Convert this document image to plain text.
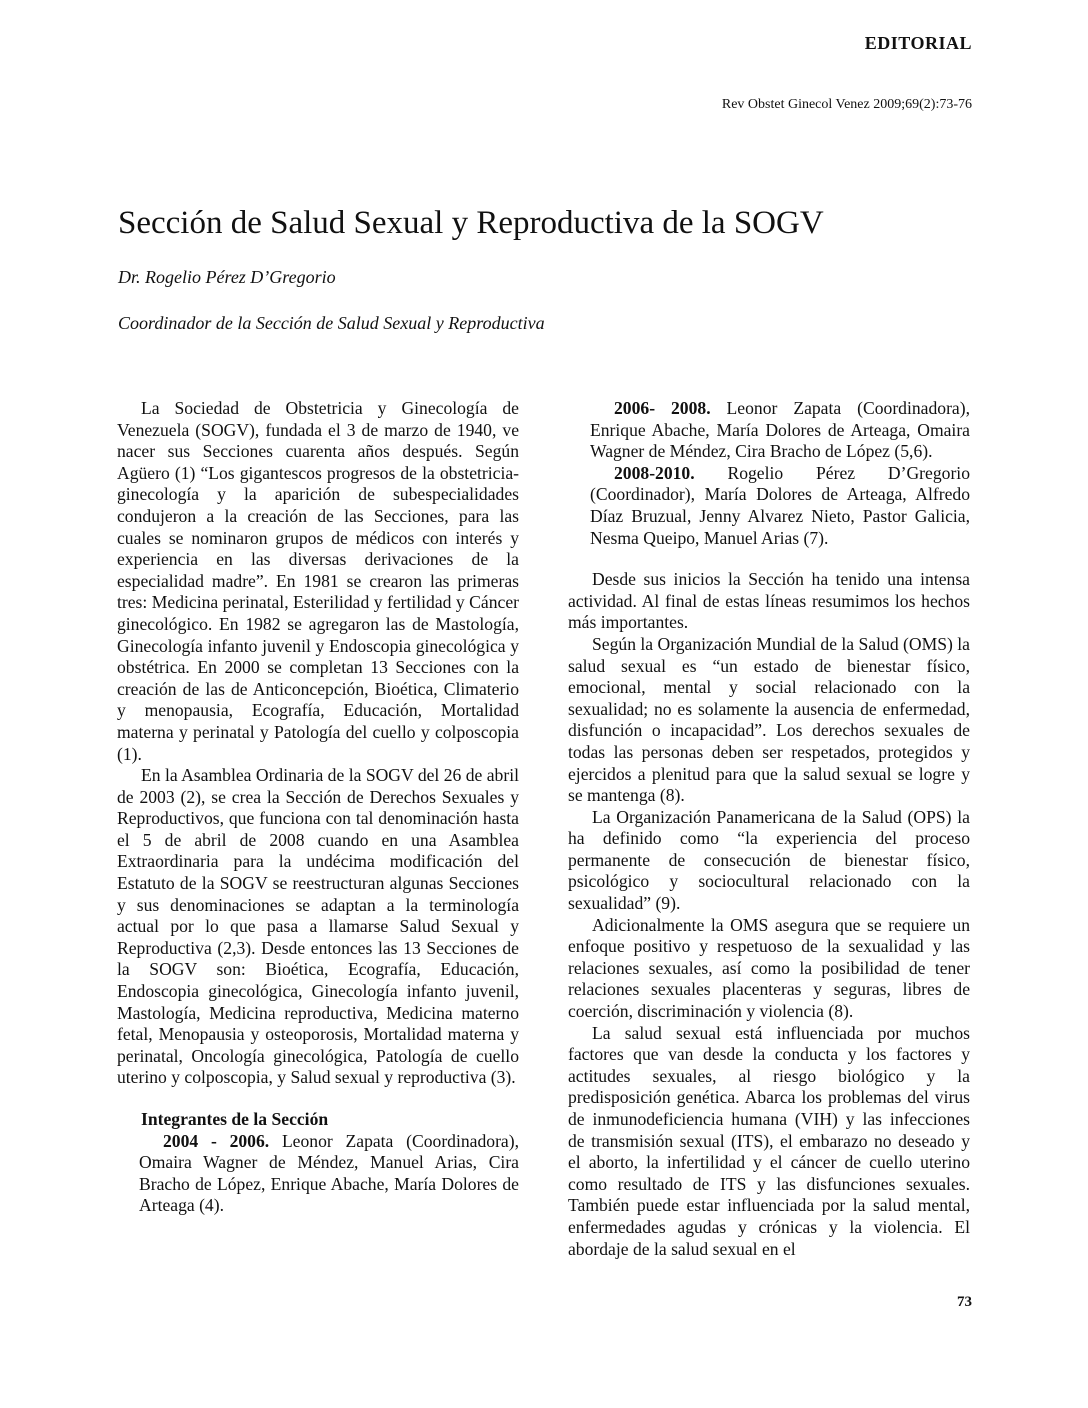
EDITORIAL
Rev Obstet Ginecol Venez 2009;69(2):73-76
Sección de Salud Sexual y Reproductiva de la SOGV
Dr. Rogelio Pérez D’Gregorio
Coordinador de la Sección de Salud Sexual y Reproductiva

La Sociedad de Obstetricia y Ginecología de Venezuela (SOGV), fundada el 3 de marzo de 1940, ve nacer sus Secciones cuarenta años después. Según Agüero (1) “Los gigantescos progresos de la obstetricia-ginecología y la aparición de subespecialidades condujeron a la creación de las Secciones, para las cuales se nominaron grupos de médicos con interés y experiencia en las diversas derivaciones de la especialidad madre”. En 1981 se crearon las primeras tres: Medicina perinatal, Esterilidad y fertilidad y Cáncer ginecológico. En 1982 se agregaron las de Mastología, Ginecología infanto juvenil y Endoscopia ginecológica y obstétrica. En 2000 se completan 13 Secciones con la creación de las de Anticoncepción, Bioética, Climaterio y menopausia, Ecografía, Educación, Mortalidad materna y perinatal y Patología del cuello y colposcopia (1).

En la Asamblea Ordinaria de la SOGV del 26 de abril de 2003 (2), se crea la Sección de Derechos Sexuales y Reproductivos, que funciona con tal denominación hasta el 5 de abril de 2008 cuando en una Asamblea Extraordinaria para la undécima modificación del Estatuto de la SOGV se reestructuran algunas Secciones y sus denominaciones se adaptan a la terminología actual por lo que pasa a llamarse Salud Sexual y Reproductiva (2,3). Desde entonces las 13 Secciones de la SOGV son: Bioética, Ecografía, Educación, Endoscopia ginecológica, Ginecología infanto juvenil, Mastología, Medicina reproductiva, Medicina materno fetal, Menopausia y osteoporosis, Mortalidad materna y perinatal, Oncología ginecológica, Patología de cuello uterino y colposcopia, y Salud sexual y reproductiva (3).

Integrantes de la Sección

2004 - 2006. Leonor Zapata (Coordinadora), Omaira Wagner de Méndez, Manuel Arias, Cira Bracho de López, Enrique Abache, María Dolores de Arteaga (4).

2006- 2008. Leonor Zapata (Coordinadora), Enrique Abache, María Dolores de Arteaga, Omaira Wagner de Méndez, Cira Bracho de López (5,6).

2008-2010. Rogelio Pérez D’Gregorio (Coordinador), María Dolores de Arteaga, Alfredo Díaz Bruzual, Jenny Alvarez Nieto, Pastor Galicia, Nesma Queipo, Manuel Arias (7).

Desde sus inicios la Sección ha tenido una intensa actividad. Al final de estas líneas resumimos los hechos más importantes.

Según la Organización Mundial de la Salud (OMS) la salud sexual es “un estado de bienestar físico, emocional, mental y social relacionado con la sexualidad; no es solamente la ausencia de enfermedad, disfunción o incapacidad”. Los derechos sexuales de todas las personas deben ser respetados, protegidos y ejercidos a plenitud para que la salud sexual se logre y se mantenga (8).

La Organización Panamericana de la Salud (OPS) la ha definido como “la experiencia del proceso permanente de consecución de bienestar físico, psicológico y sociocultural relacionado con la sexualidad” (9).

Adicionalmente la OMS asegura que se requiere un enfoque positivo y respetuoso de la sexualidad y las relaciones sexuales, así como la posibilidad de tener relaciones sexuales placenteras y seguras, libres de coerción, discriminación y violencia (8).

La salud sexual está influenciada por muchos factores que van desde la conducta y los factores y actitudes sexuales, al riesgo biológico y la predisposición genética. Abarca los problemas del virus de inmunodeficiencia humana (VIH) y las infecciones de transmisión sexual (ITS), el embarazo no deseado y el aborto, la infertilidad y el cáncer de cuello uterino como resultado de ITS y las disfunciones sexuales. También puede estar influenciada por la salud mental, enfermedades agudas y crónicas y la violencia. El abordaje de la salud sexual en el

73
